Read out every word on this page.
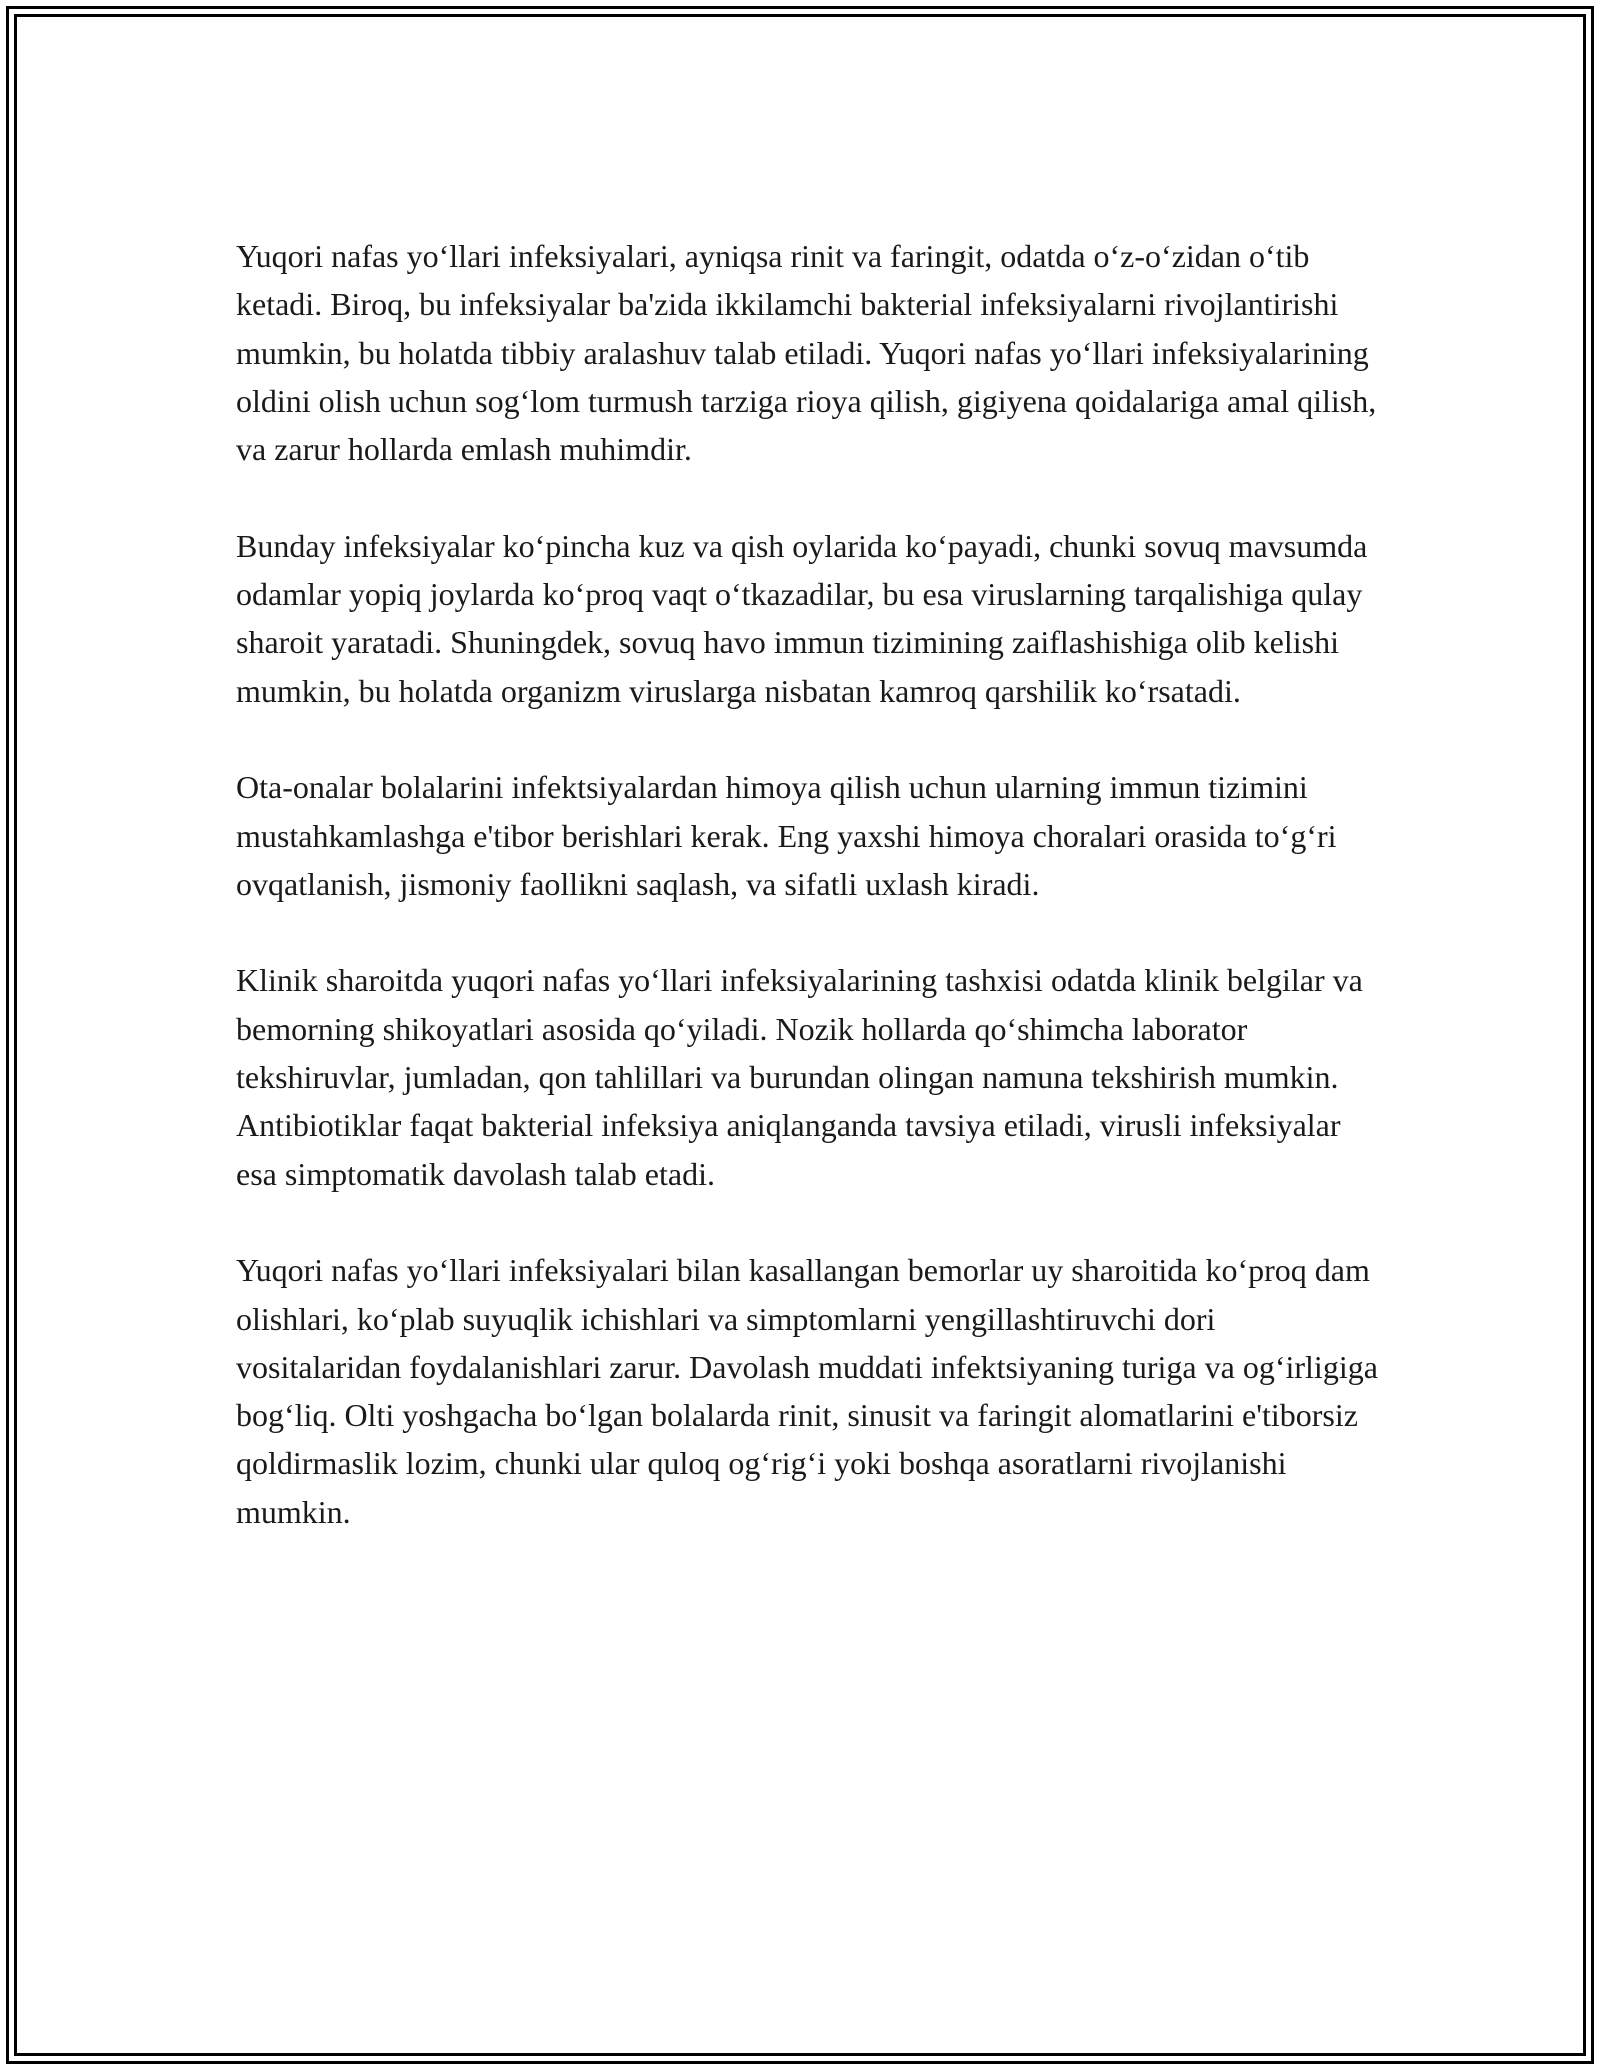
Yuqori nafas yo‘llari infeksiyalari, ayniqsa rinit va faringit, odatda o‘z-o‘zidan o‘tib ketadi. Biroq, bu infeksiyalar ba'zida ikkilamchi bakterial infeksiyalarni rivojlantirishi mumkin, bu holatda tibbiy aralashuv talab etiladi. Yuqori nafas yo‘llari infeksiyalarining oldini olish uchun sog‘lom turmush tarziga rioya qilish, gigiyena qoidalariga amal qilish, va zarur hollarda emlash muhimdir.

Bunday infeksiyalar ko‘pincha kuz va qish oylarida ko‘payadi, chunki sovuq mavsumda odamlar yopiq joylarda ko‘proq vaqt o‘tkazadilar, bu esa viruslarning tarqalishiga qulay sharoit yaratadi. Shuningdek, sovuq havo immun tizimining zaiflashishiga olib kelishi mumkin, bu holatda organizm viruslarga nisbatan kamroq qarshilik ko‘rsatadi.

Ota-onalar bolalarini infektsiyalardan himoya qilish uchun ularning immun tizimini mustahkamlashga e'tibor berishlari kerak. Eng yaxshi himoya choralari orasida to‘g‘ri ovqatlanish, jismoniy faollikni saqlash, va sifatli uxlash kiradi.

Klinik sharoitda yuqori nafas yo‘llari infeksiyalarining tashxisi odatda klinik belgilar va bemorning shikoyatlari asosida qo‘yiladi. Nozik hollarda qo‘shimcha laborator tekshiruvlar, jumladan, qon tahlillari va burundan olingan namuna tekshirish mumkin. Antibiotiklar faqat bakterial infeksiya aniqlanganda tavsiya etiladi, virusli infeksiyalar esa simptomatik davolash talab etadi.

Yuqori nafas yo‘llari infeksiyalari bilan kasallangan bemorlar uy sharoitida ko‘proq dam olishlari, ko‘plab suyuqlik ichishlari va simptomlarni yengillashtiruvchi dori vositalaridan foydalanishlari zarur. Davolash muddati infektsiyaning turiga va og‘irligiga bog‘liq. Olti yoshgacha bo‘lgan bolalarda rinit, sinusit va faringit alomatlarini e'tiborsiz qoldirmaslik lozim, chunki ular quloq og‘rig‘i yoki boshqa asoratlarni rivojlanishi mumkin.
